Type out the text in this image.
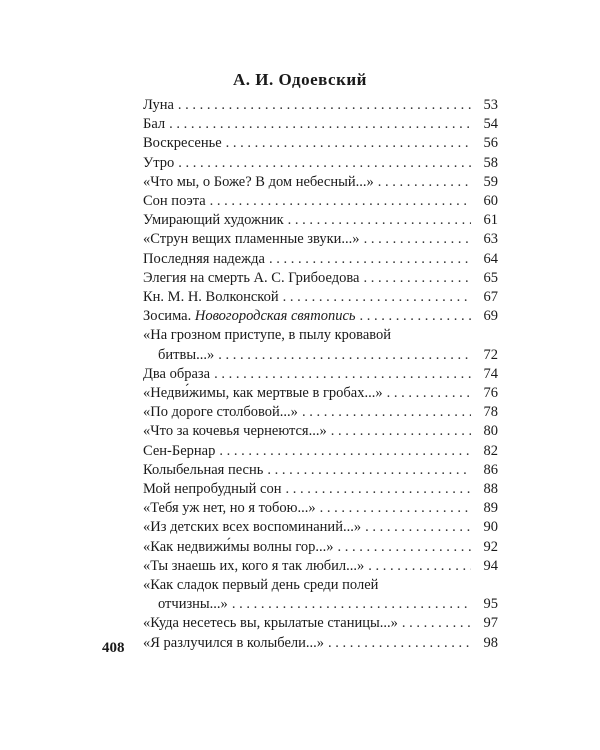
А. И. Одоевский
Луна . . .	53
Бал . . .	54
Воскресенье . . .	56
Утро . . .	58
«Что мы, о Боже? В дом небесный...» . . .	59
Сон поэта . . .	60
Умирающий художник . . .	61
«Струн вещих пламенные звуки...» . . .	63
Последняя надежда . . .	64
Элегия на смерть А. С. Грибоедова . . .	65
Кн. М. Н. Волконской . . .	67
Зосима. Новогородская святопись . . .	69
«На грозном приступе, в пылу кровавой
битвы...» . . .	72
Два образа . . .	74
«Недви́жимы, как мертвые в гробах...» . . .	76
«По дороге столбовой...» . . .	78
«Что за кочевья чернеются...» . . .	80
Сен-Бернар . . .	82
Колыбельная песнь . . .	86
Мой непробудный сон . . .	88
«Тебя уж нет, но я тобою...» . . .	89
«Из детских всех воспоминаний...» . . .	90
«Как недвижи́мы волны гор...» . . .	92
«Ты знаешь их, кого я так любил...» . . .	94
«Как сладок первый день среди полей
отчизны...» . . .	95
«Куда несетесь вы, крылатые станицы...» . . .	97
«Я разлучился в колыбели...» . . .	98
408
